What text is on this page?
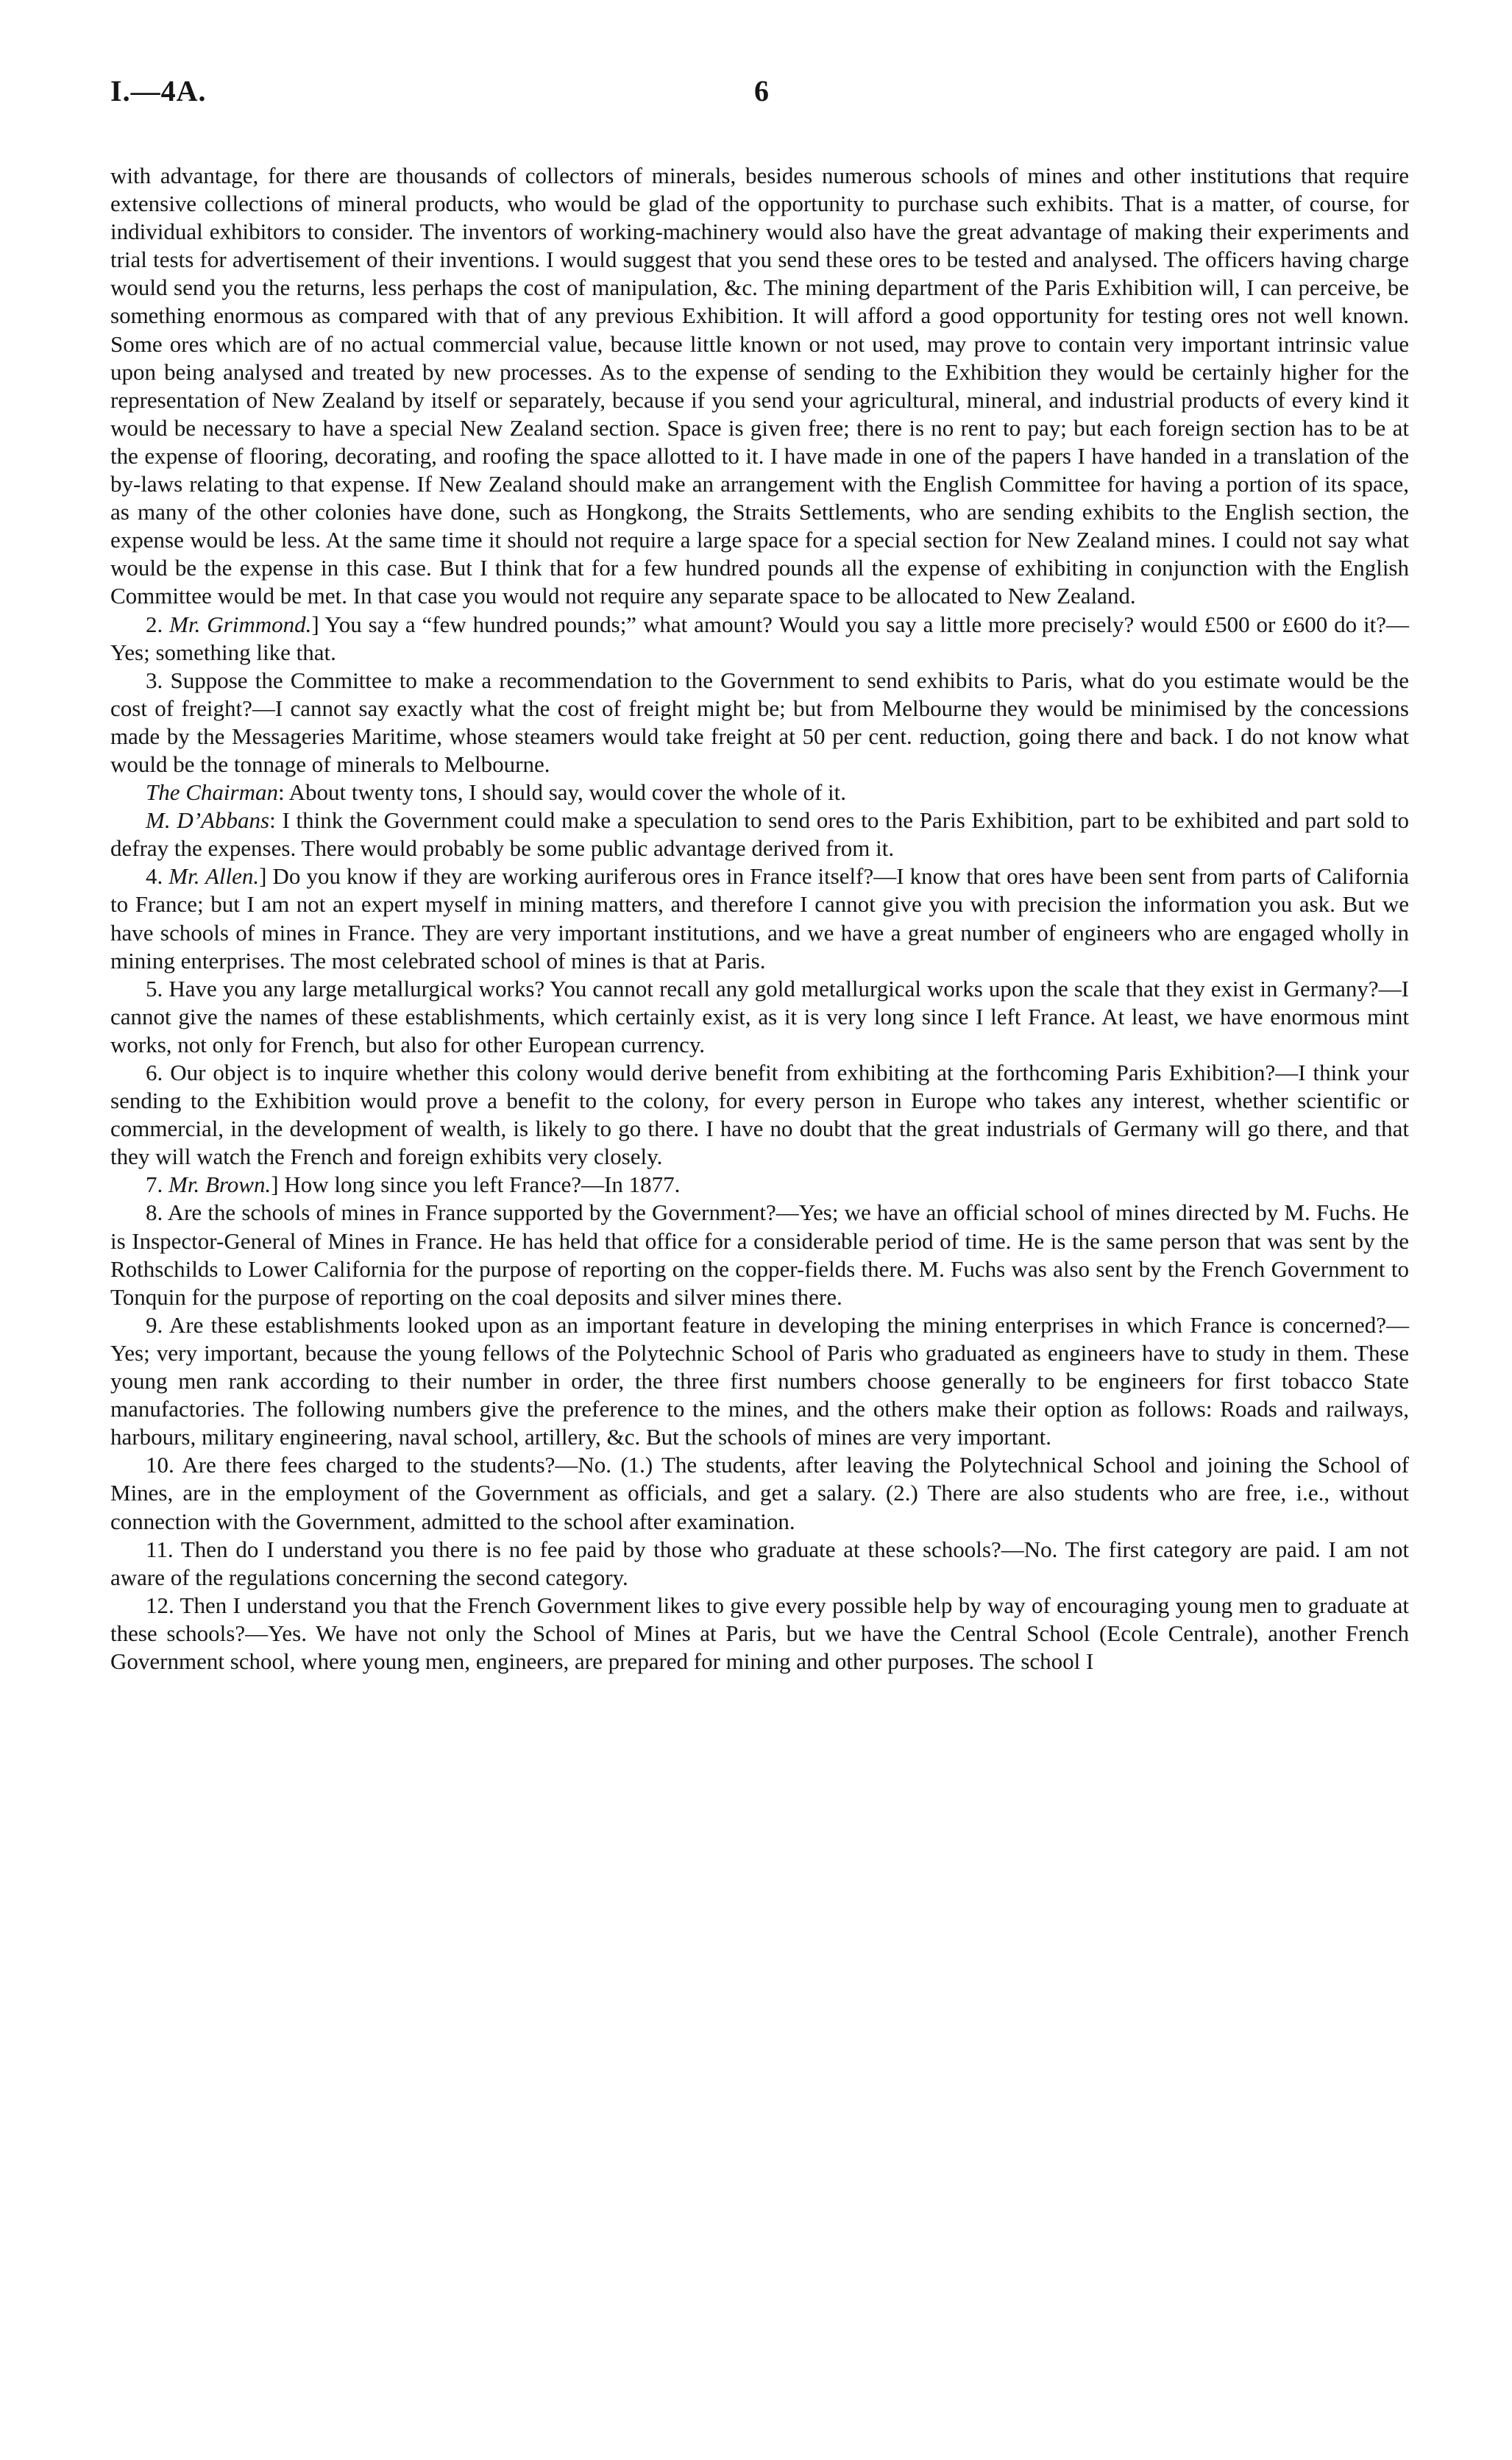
I.—4A.	6

with advantage, for there are thousands of collectors of minerals, besides numerous schools of mines and other institutions that require extensive collections of mineral products, who would be glad of the opportunity to purchase such exhibits. That is a matter, of course, for individual exhibitors to consider. The inventors of working-machinery would also have the great advantage of making their experiments and trial tests for advertisement of their inventions. I would suggest that you send these ores to be tested and analysed. The officers having charge would send you the returns, less perhaps the cost of manipulation, &c. The mining department of the Paris Exhibition will, I can perceive, be something enormous as compared with that of any previous Exhibition. It will afford a good opportunity for testing ores not well known. Some ores which are of no actual commercial value, because little known or not used, may prove to contain very important intrinsic value upon being analysed and treated by new processes. As to the expense of sending to the Exhibition they would be certainly higher for the representation of New Zealand by itself or separately, because if you send your agricultural, mineral, and industrial products of every kind it would be necessary to have a special New Zealand section. Space is given free; there is no rent to pay; but each foreign section has to be at the expense of flooring, decorating, and roofing the space allotted to it. I have made in one of the papers I have handed in a translation of the by-laws relating to that expense. If New Zealand should make an arrangement with the English Committee for having a portion of its space, as many of the other colonies have done, such as Hongkong, the Straits Settlements, who are sending exhibits to the English section, the expense would be less. At the same time it should not require a large space for a special section for New Zealand mines. I could not say what would be the expense in this case. But I think that for a few hundred pounds all the expense of exhibiting in conjunction with the English Committee would be met. In that case you would not require any separate space to be allocated to New Zealand.

2. Mr. Grimmond.] You say a “few hundred pounds;” what amount? Would you say a little more precisely? would £500 or £600 do it?—Yes; something like that.

3. Suppose the Committee to make a recommendation to the Government to send exhibits to Paris, what do you estimate would be the cost of freight?—I cannot say exactly what the cost of freight might be; but from Melbourne they would be minimised by the concessions made by the Messageries Maritime, whose steamers would take freight at 50 per cent. reduction, going there and back. I do not know what would be the tonnage of minerals to Melbourne.

The Chairman: About twenty tons, I should say, would cover the whole of it.

M. D’Abbans: I think the Government could make a speculation to send ores to the Paris Exhibition, part to be exhibited and part sold to defray the expenses. There would probably be some public advantage derived from it.

4. Mr. Allen.] Do you know if they are working auriferous ores in France itself?—I know that ores have been sent from parts of California to France; but I am not an expert myself in mining matters, and therefore I cannot give you with precision the information you ask. But we have schools of mines in France. They are very important institutions, and we have a great number of engineers who are engaged wholly in mining enterprises. The most celebrated school of mines is that at Paris.

5. Have you any large metallurgical works? You cannot recall any gold metallurgical works upon the scale that they exist in Germany?—I cannot give the names of these establishments, which certainly exist, as it is very long since I left France. At least, we have enormous mint works, not only for French, but also for other European currency.

6. Our object is to inquire whether this colony would derive benefit from exhibiting at the forthcoming Paris Exhibition?—I think your sending to the Exhibition would prove a benefit to the colony, for every person in Europe who takes any interest, whether scientific or commercial, in the development of wealth, is likely to go there. I have no doubt that the great industrials of Germany will go there, and that they will watch the French and foreign exhibits very closely.

7. Mr. Brown.] How long since you left France?—In 1877.

8. Are the schools of mines in France supported by the Government?—Yes; we have an official school of mines directed by M. Fuchs. He is Inspector-General of Mines in France. He has held that office for a considerable period of time. He is the same person that was sent by the Rothschilds to Lower California for the purpose of reporting on the copper-fields there. M. Fuchs was also sent by the French Government to Tonquin for the purpose of reporting on the coal deposits and silver mines there.

9. Are these establishments looked upon as an important feature in developing the mining enterprises in which France is concerned?—Yes; very important, because the young fellows of the Polytechnic School of Paris who graduated as engineers have to study in them. These young men rank according to their number in order, the three first numbers choose generally to be engineers for first tobacco State manufactories. The following numbers give the preference to the mines, and the others make their option as follows: Roads and railways, harbours, military engineering, naval school, artillery, &c. But the schools of mines are very important.

10. Are there fees charged to the students?—No. (1.) The students, after leaving the Polytechnical School and joining the School of Mines, are in the employment of the Government as officials, and get a salary. (2.) There are also students who are free, i.e., without connection with the Government, admitted to the school after examination.

11. Then do I understand you there is no fee paid by those who graduate at these schools?—No. The first category are paid. I am not aware of the regulations concerning the second category.

12. Then I understand you that the French Government likes to give every possible help by way of encouraging young men to graduate at these schools?—Yes. We have not only the School of Mines at Paris, but we have the Central School (Ecole Centrale), another French Government school, where young men, engineers, are prepared for mining and other purposes. The school I
